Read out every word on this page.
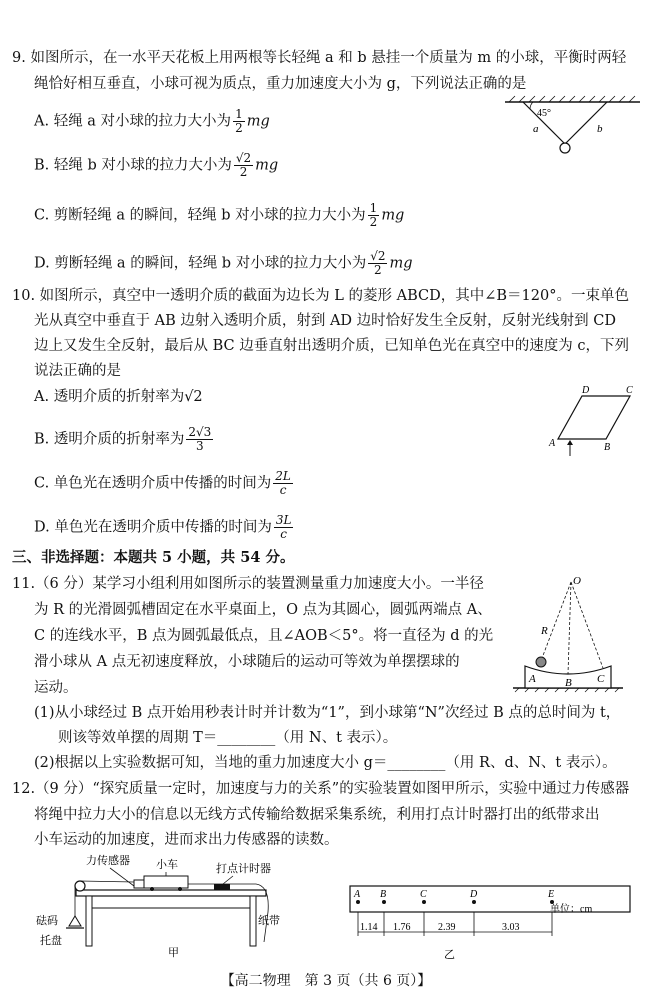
9. 如图所示，在一水平天花板上用两根等长轻绳 a 和 b 悬挂一个质量为 m 的小球，平衡时两轻
绳恰好相互垂直，小球可视为质点，重力加速度大小为 g，下列说法正确的是
A. 轻绳 a 对小球的拉力大小为 $\frac{1}{2}$ mg
B. 轻绳 b 对小球的拉力大小为 $\frac{√2}{2}$ mg
C. 剪断轻绳 a 的瞬间，轻绳 b 对小球的拉力大小为 $\frac{1}{2}$ mg
D. 剪断轻绳 a 的瞬间，轻绳 b 对小球的拉力大小为 $\frac{√2}{2}$ mg
45°
a	b
10. 如图所示，真空中一透明介质的截面为边长为 L 的菱形 ABCD，其中∠B＝120°。一束单色
光从真空中垂直于 AB 边射入透明介质，射到 AD 边时恰好发生全反射，反射光线射到 CD
边上又发生全反射，最后从 BC 边垂直射出透明介质，已知单色光在真空中的速度为 c，下列
说法正确的是
A. 透明介质的折射率为√2
B. 透明介质的折射率为 $\frac{2√3}{3}$
C. 单色光在透明介质中传播的时间为 $\frac{2L}{c}$
D. 单色光在透明介质中传播的时间为 $\frac{3L}{c}$
D	C
A	B
三、非选择题：本题共 5 小题，共 54 分。
11.（6 分）某学习小组利用如图所示的装置测量重力加速度大小。一半径
为 R 的光滑圆弧槽固定在水平桌面上，O 点为其圆心，圆弧两端点 A、
C 的连线水平，B 点为圆弧最低点，且∠AOB＜5°。将一直径为 d 的光
滑小球从 A 点无初速度释放，小球随后的运动可等效为单摆摆球的
运动。
(1)从小球经过 B 点开始用秒表计时并计数为“1”，到小球第“N”次经过 B 点的总时间为 t，
则该等效单摆的周期 T＝________（用 N、t 表示）。
(2)根据以上实验数据可知，当地的重力加速度大小 g＝________（用 R、d、N、t 表示）。
O
R
A	B C
12.（9 分）“探究质量一定时，加速度与力的关系”的实验装置如图甲所示，实验中通过力传感器
将绳中拉力大小的信息以无线方式传输给数据采集系统，利用打点计时器打出的纸带求出
小车运动的加速度，进而求出力传感器的读数。
力传感器 小车	打点计时器
砝码
托盘
纸带
甲
A B	C	D	E
1.14 1.76	2.39	3.03
单位：cm
乙
【高二物理　第 3 页（共 6 页）】
